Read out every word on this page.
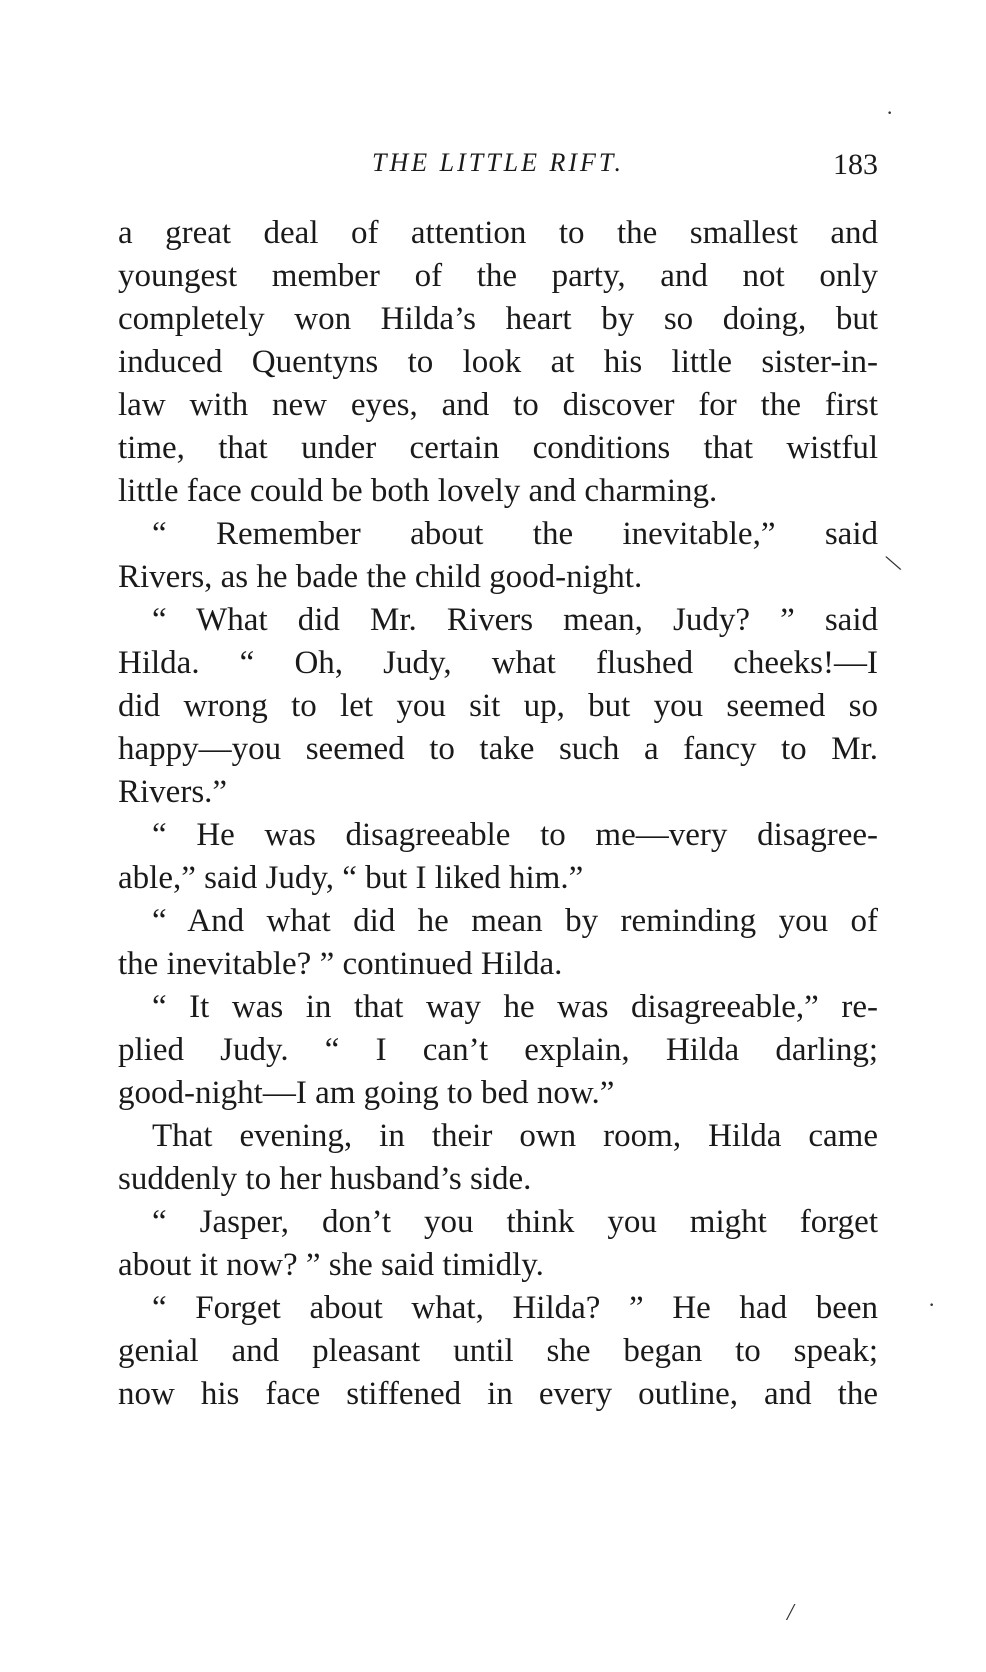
THE LITTLE RIFT.	183
a great deal of attention to the smallest and
youngest member of the party, and not only
completely won Hilda’s heart by so doing, but
induced Quentyns to look at his little sister-in-
law with new eyes, and to discover for the first
time, that under certain conditions that wistful
little face could be both lovely and charming.
“ Remember about the inevitable,” said
Rivers, as he bade the child good-night.
“ What did Mr. Rivers mean, Judy? ” said
Hilda. “ Oh, Judy, what flushed cheeks!—I
did wrong to let you sit up, but you seemed so
happy—you seemed to take such a fancy to Mr.
Rivers.”
“ He was disagreeable to me—very disagree-
able,” said Judy, “ but I liked him.”
“ And what did he mean by reminding you of
the inevitable? ” continued Hilda.
“ It was in that way he was disagreeable,” re-
plied Judy. “ I can’t explain, Hilda darling;
good-night—I am going to bed now.”
That evening, in their own room, Hilda came
suddenly to her husband’s side.
“ Jasper, don’t you think you might forget
about it now? ” she said timidly.
“ Forget about what, Hilda? ” He had been
genial and pleasant until she began to speak;
now his face stiffened in every outline, and the
·
\
·
/
